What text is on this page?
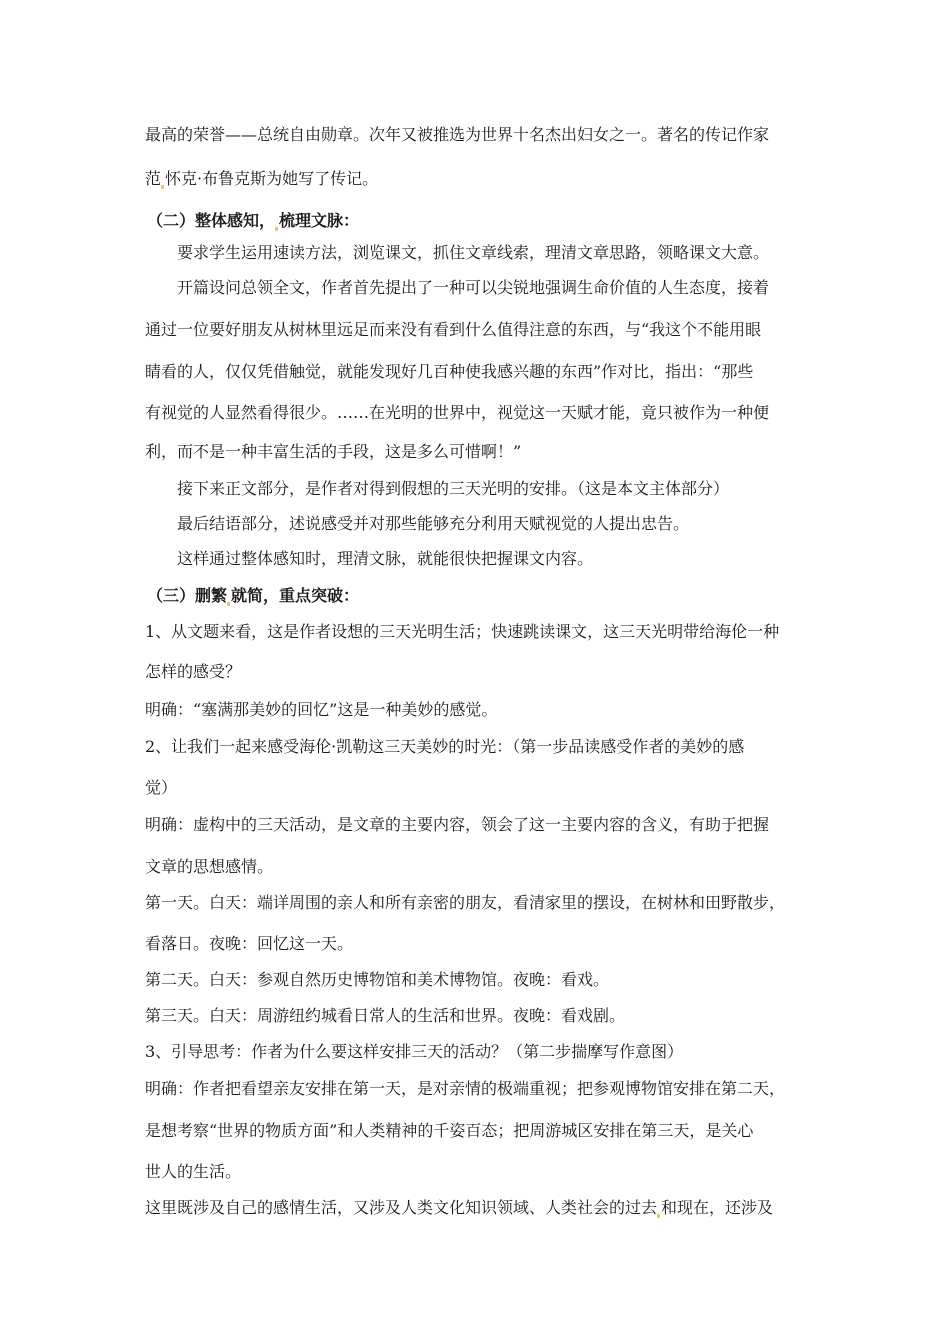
最高的荣誉——总统自由勋章。次年又被推选为世界十名杰出妇女之一。著名的传记作家
范 怀克·布鲁克斯为她写了传记。
（二）整体感知， 梳理文脉：
要求学生运用速读方法，浏览课文，抓住文章线索，理清文章思路，领略课文大意。
开篇设问总领全文，作者首先提出了一种可以尖锐地强调生命价值的人生态度，接着
通过一位要好朋友从树林里远足而来没有看到什么值得注意的东西，与“我这个不能用眼
睛看的人，仅仅凭借触觉，就能发现好几百种使我感兴趣的东西”作对比，指出：“那些
有视觉的人显然看得很少。……在光明的世界中，视觉这一天赋才能，竟只被作为一种便
利，而不是一种丰富生活的手段，这是多么可惜啊！”
接下来正文部分，是作者对得到假想的三天光明的安排。（这是本文主体部分）
最后结语部分，述说感受并对那些能够充分利用天赋视觉的人提出忠告。
这样通过整体感知时，理清文脉，就能很快把握课文内容。
（三）删繁 就简，重点突破：
1、从文题来看，这是作者设想的三天光明生活；快速跳读课文，这三天光明带给海伦一种
怎样的感受？
明确：“塞满那美妙的回忆”这是一种美妙的感觉。
2、让我们一起来感受海伦·凯勒这三天美妙的时光：（第一步品读感受作者的美妙的感
觉）
明确：虚构中的三天活动，是文章的主要内容，领会了这一主要内容的含义，有助于把握
文章的思想感情。
第一天。白天：端详周围的亲人和所有亲密的朋友，看清家里的摆设，在树林和田野散步，
看落日。夜晚：回忆这一天。
第二天。白天：参观自然历史博物馆和美术博物馆。夜晚：看戏。
第三天。白天：周游纽约城看日常人的生活和世界。夜晚：看戏剧。
3、引导思考：作者为什么要这样安排三天的活动？（第二步揣摩写作意图）
明确：作者把看望亲友安排在第一天，是对亲情的极端重视；把参观博物馆安排在第二天，
是想考察“世界的物质方面”和人类精神的千姿百态；把周游城区安排在第三天，是关心
世人的生活。
这里既涉及自己的感情生活，又涉及人类文化知识领域、人类社会的过去 和现在，还涉及
